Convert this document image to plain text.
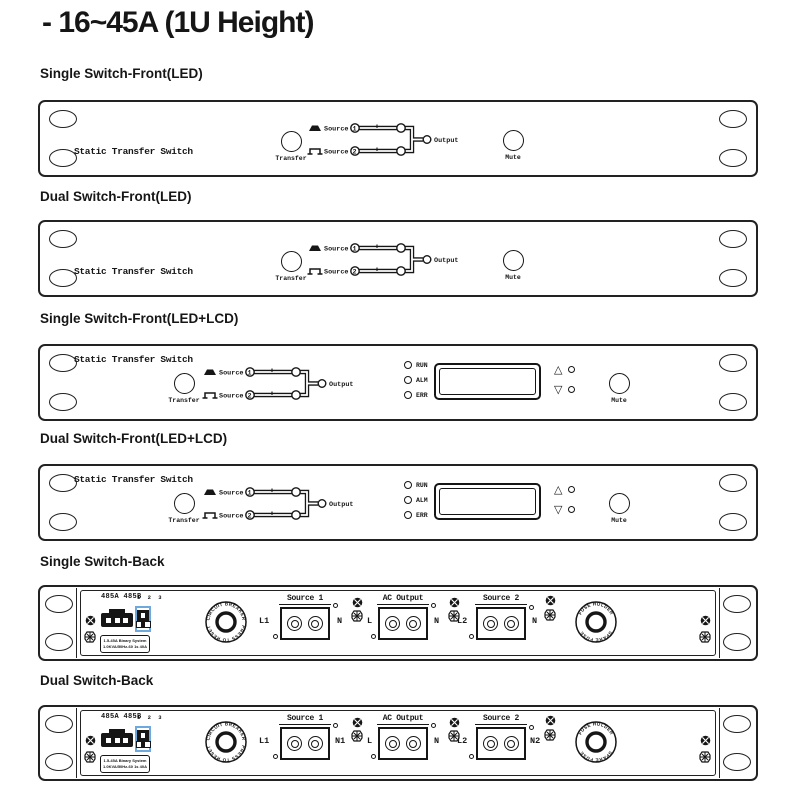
- 16~45A (1U Height)
Single Switch-Front(LED)
Dual Switch-Front(LED)
Single Switch-Front(LED+LCD)
Dual Switch-Front(LED+LCD)
Single Switch-Back
Dual Switch-Back
Static Transfer Switch
Transfer
Source 1
Source 2
Output
Mute
Static Transfer Switch
Transfer
Source 1
Source 2
Output
Mute
Static Transfer Switch
Transfer
Source 1
Source 2
Output
RUN
ALM
ERR
△
▽
Mute
Static Transfer Switch
Transfer
Source 1
Source 2
Output
RUN
ALM
ERR
△
▽
Mute
485A 485B
1 2 3
1.5-45A Binary System
1.0KVA/50Hz-60 1s 40A
CIRCUIT BREAKER
PRESS TO RESET
L1
Source 1
N	L
AC Output
N L2
Source 2
N
FUSE HOLDER
SPARE FUSE
485A 485B
1 2 3
1.5-45A Binary System
1.0KVA/50Hz-60 1s 40A
CIRCUIT BREAKER
PRESS TO RESET
L1
Source 1
N1	L
AC Output
N L2
Source 2
N2
FUSE HOLDER
SPARE FUSE
